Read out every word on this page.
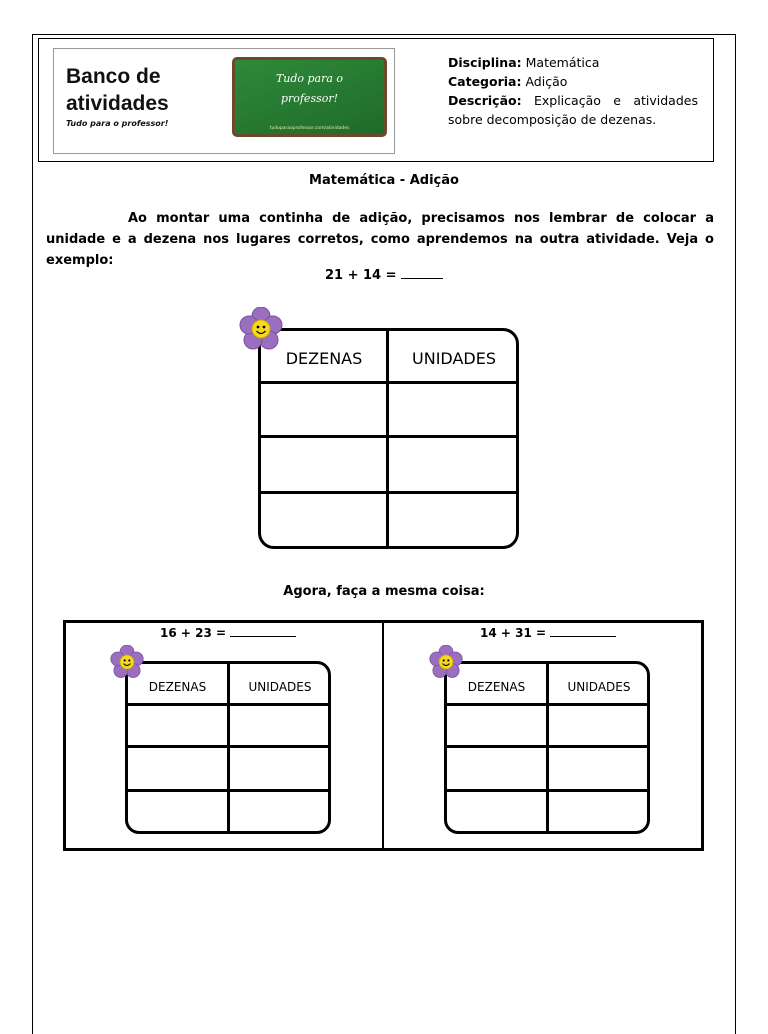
Banco de
atividades
Tudo para o professor!
Tudo para o
professor!
tudoparaoprofessor.com/atividades
Disciplina: Matemática
Categoria: Adição
Descrição: Explicação e atividades sobre decomposição de dezenas.
Matemática - Adição
Ao montar uma continha de adição, precisamos nos lembrar de colocar a unidade e a dezena nos lugares corretos, como aprendemos na outra atividade. Veja o exemplo:
21 + 14 =
DEZENAS	UNIDADES
Agora, faça a mesma coisa:
16 + 23 =
DEZENAS	UNIDADES
14 + 31 =
DEZENAS	UNIDADES
